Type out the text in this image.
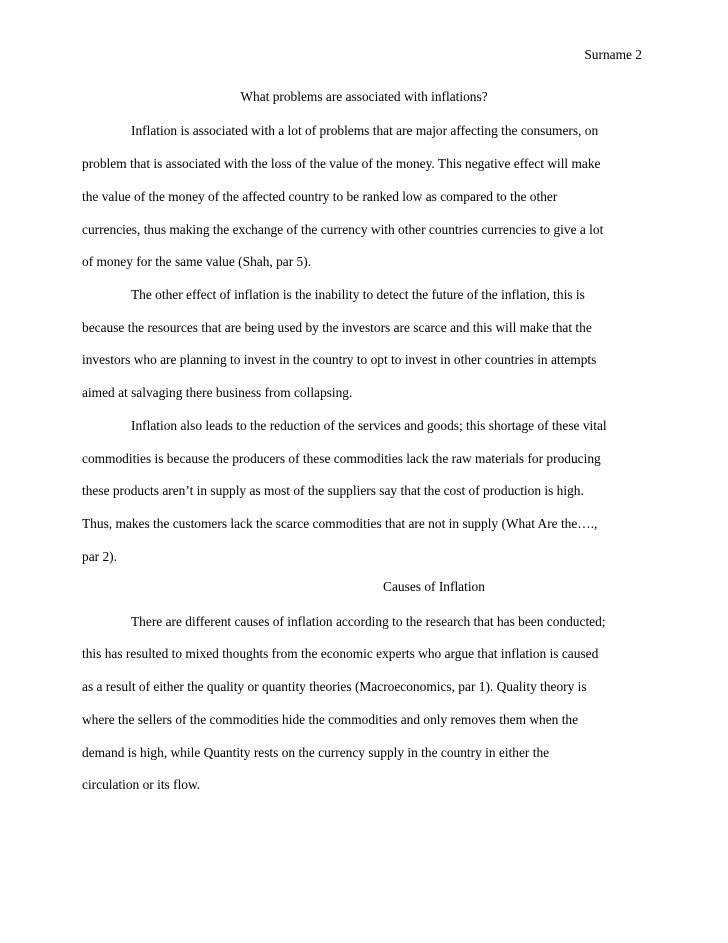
Surname 2
What problems are associated with inflations?
Inflation is associated with a lot of problems that are major affecting the consumers, on
problem that is associated with the loss of the value of the money. This negative effect will make
the value of the money of the affected country to be ranked low as compared to the other
currencies, thus making the exchange of the currency with other countries currencies to give a lot
of money for the same value (Shah, par 5).
The other effect of inflation is the inability to detect the future of the inflation, this is
because the resources that are being used by the investors are scarce and this will make that the
investors who are planning to invest in the country to opt to invest in other countries in attempts
aimed at salvaging there business from collapsing.
Inflation also leads to the reduction of the services and goods; this shortage of these vital
commodities is because the producers of these commodities lack the raw materials for producing
these products aren’t in supply as most of the suppliers say that the cost of production is high.
Thus, makes the customers lack the scarce commodities that are not in supply (What Are the….,
par 2).
Causes of Inflation
There are different causes of inflation according to the research that has been conducted;
this has resulted to mixed thoughts from the economic experts who argue that inflation is caused
as a result of either the quality or quantity theories (Macroeconomics, par 1). Quality theory is
where the sellers of the commodities hide the commodities and only removes them when the
demand is high, while Quantity rests on the currency supply in the country in either the
circulation or its flow.
